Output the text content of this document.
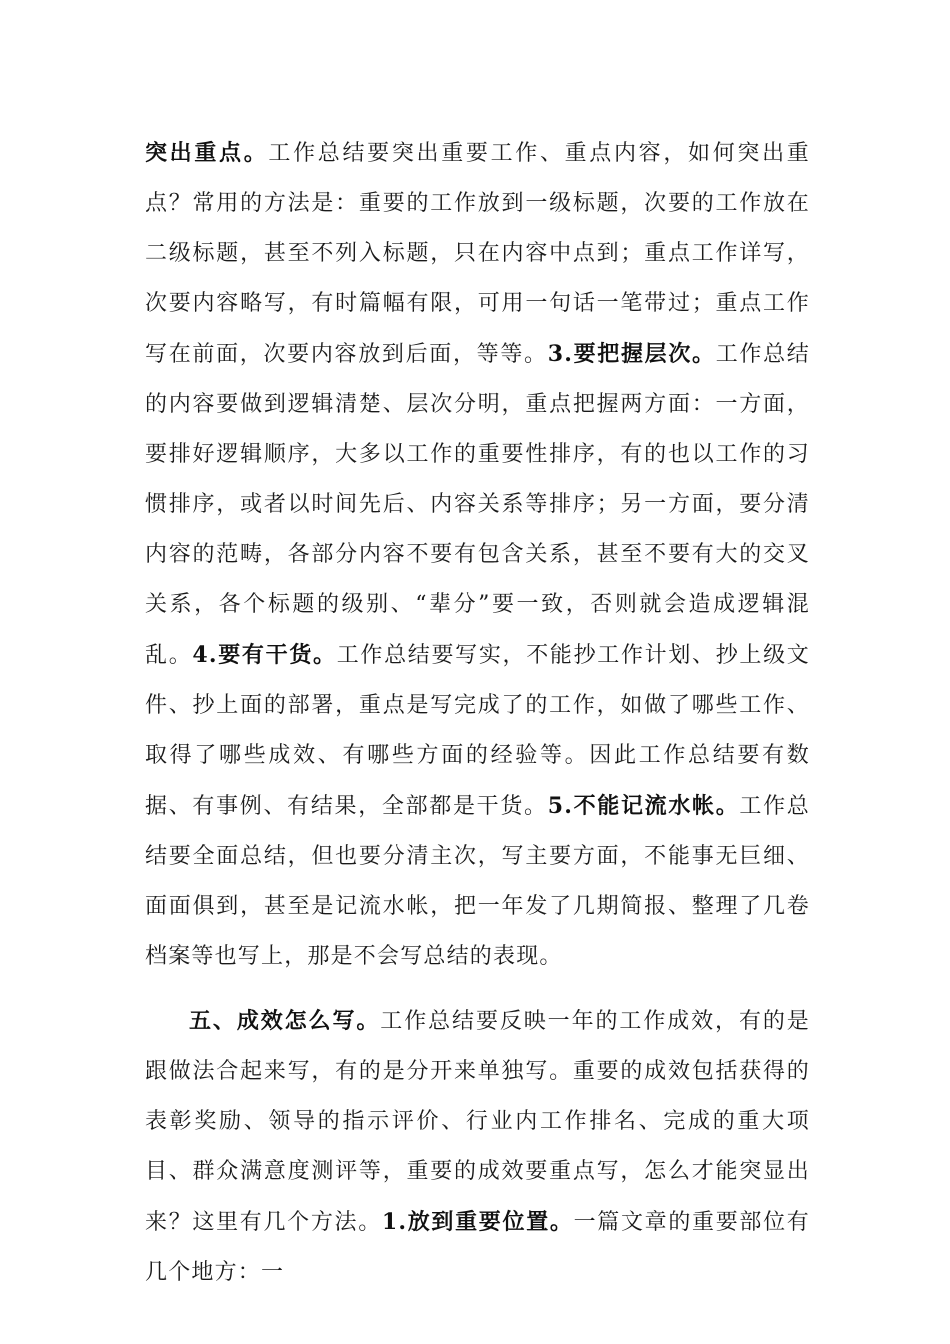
突出重点。工作总结要突出重要工作、重点内容，如何突出重点？常用的方法是：重要的工作放到一级标题，次要的工作放在二级标题，甚至不列入标题，只在内容中点到；重点工作详写，次要内容略写，有时篇幅有限，可用一句话一笔带过；重点工作写在前面，次要内容放到后面，等等。3.要把握层次。工作总结的内容要做到逻辑清楚、层次分明，重点把握两方面：一方面，要排好逻辑顺序，大多以工作的重要性排序，有的也以工作的习惯排序，或者以时间先后、内容关系等排序；另一方面，要分清内容的范畴，各部分内容不要有包含关系，甚至不要有大的交叉关系，各个标题的级别、“辈分”要一致，否则就会造成逻辑混乱。4.要有干货。工作总结要写实，不能抄工作计划、抄上级文件、抄上面的部署，重点是写完成了的工作，如做了哪些工作、取得了哪些成效、有哪些方面的经验等。因此工作总结要有数据、有事例、有结果，全部都是干货。5.不能记流水帐。工作总结要全面总结，但也要分清主次，写主要方面，不能事无巨细、面面俱到，甚至是记流水帐，把一年发了几期简报、整理了几卷档案等也写上，那是不会写总结的表现。

五、成效怎么写。工作总结要反映一年的工作成效，有的是跟做法合起来写，有的是分开来单独写。重要的成效包括获得的表彰奖励、领导的指示评价、行业内工作排名、完成的重大项目、群众满意度测评等，重要的成效要重点写，怎么才能突显出来？这里有几个方法。1.放到重要位置。一篇文章的重要部位有几个地方：一
